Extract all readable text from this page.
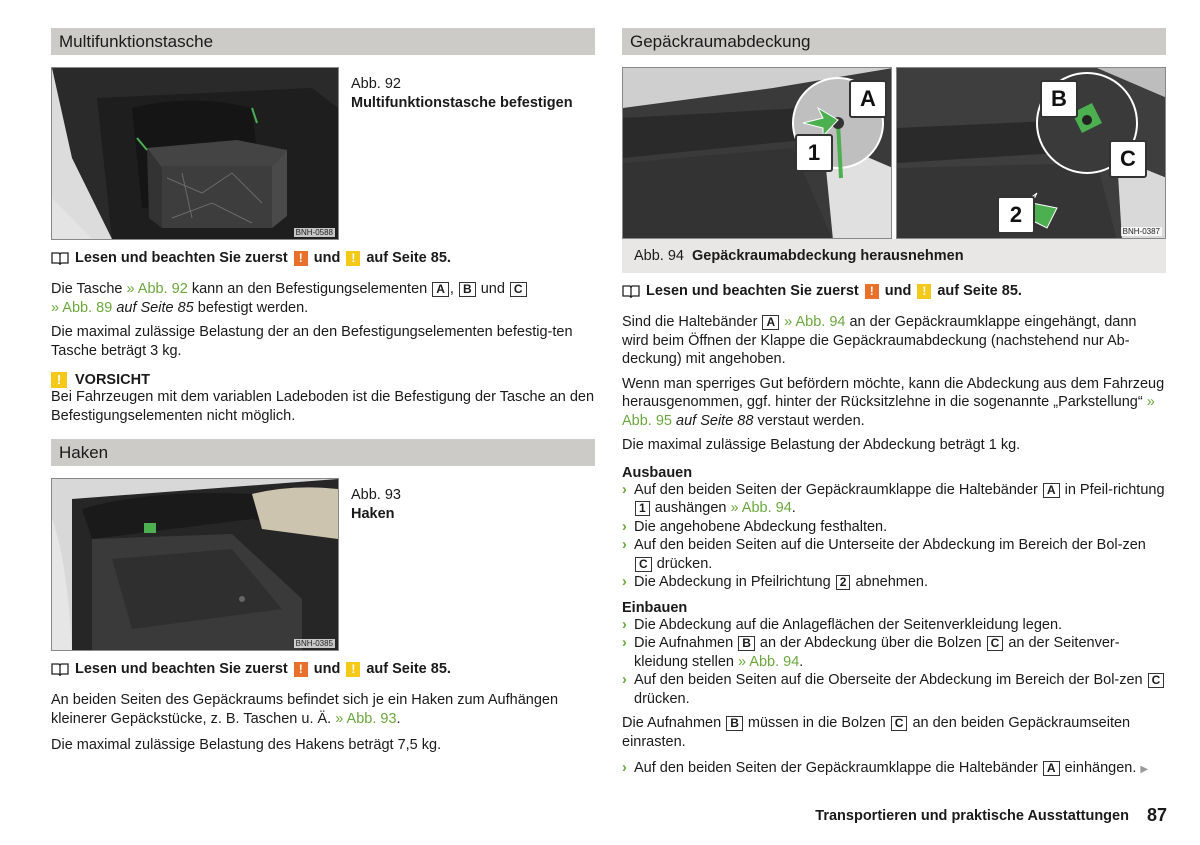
Multifunktionstasche
BNH-0588
Abb. 92
Multifunktionstasche befestigen
Lesen und beachten Sie zuerst ! und ! auf Seite 85.

Die Tasche » Abb. 92 kann an den Befestigungselementen A , B und C
» Abb. 89 auf Seite 85 befestigt werden.

Die maximal zulässige Belastung der an den Befestigungselementen befestig-ten Tasche beträgt 3 kg.

! VORSICHT

Bei Fahrzeugen mit dem variablen Ladeboden ist die Befestigung der Tasche an den Befestigungselementen nicht möglich.

Haken
BNH-0385
Abb. 93
Haken
Lesen und beachten Sie zuerst ! und ! auf Seite 85.

An beiden Seiten des Gepäckraums befindet sich je ein Haken zum Aufhängen kleinerer Gepäckstücke, z. B. Taschen u. Ä. » Abb. 93.

Die maximal zulässige Belastung des Hakens beträgt 7,5 kg.

Gepäckraumabdeckung
A
1
B
C
2
BNH-0387
Abb. 94 Gepäckraumabdeckung herausnehmen
Lesen und beachten Sie zuerst ! und ! auf Seite 85.

Sind die Haltebänder A » Abb. 94 an der Gepäckraumklappe eingehängt, dann wird beim Öffnen der Klappe die Gepäckraumabdeckung (nachstehend nur Ab-deckung) mit angehoben.

Wenn man sperriges Gut befördern möchte, kann die Abdeckung aus dem Fahrzeug herausgenommen, ggf. hinter der Rücksitzlehne in die sogenannte „Parkstellung“ » Abb. 95 auf Seite 88 verstaut werden.

Die maximal zulässige Belastung der Abdeckung beträgt 1 kg.

Ausbauen
› Auf den beiden Seiten der Gepäckraumklappe die Haltebänder A in Pfeil-richtung 1 aushängen » Abb. 94.
› Die angehobene Abdeckung festhalten.
› Auf den beiden Seiten auf die Unterseite der Abdeckung im Bereich der Bol-zen C drücken.
› Die Abdeckung in Pfeilrichtung 2 abnehmen.
Einbauen
› Die Abdeckung auf die Anlageflächen der Seitenverkleidung legen.
› Die Aufnahmen B an der Abdeckung über die Bolzen C an der Seitenver-kleidung stellen » Abb. 94.
› Auf den beiden Seiten auf die Oberseite der Abdeckung im Bereich der Bol-zen C drücken.

Die Aufnahmen B müssen in die Bolzen C an den beiden Gepäckraumseiten einrasten.

› Auf den beiden Seiten der Gepäckraumklappe die Haltebänder A einhängen. ▶
Transportieren und praktische Ausstattungen 87
